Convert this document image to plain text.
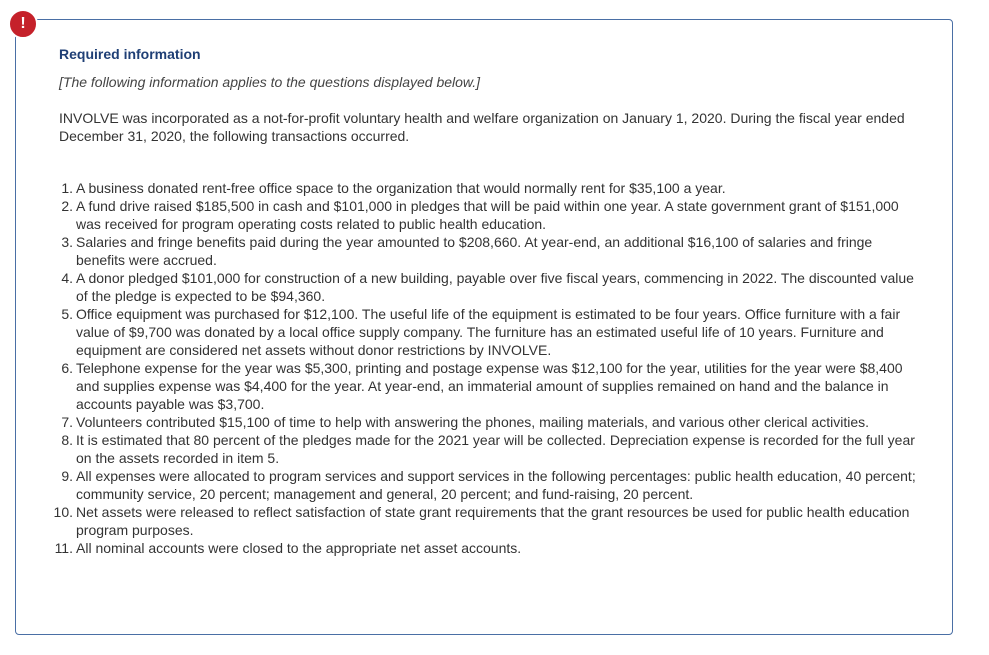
!
Required information

[The following information applies to the questions displayed below.]

INVOLVE was incorporated as a not-for-profit voluntary health and welfare organization on January 1, 2020. During the fiscal year ended December 31, 2020, the following transactions occurred.

1. A business donated rent-free office space to the organization that would normally rent for $35,100 a year.
2. A fund drive raised $185,500 in cash and $101,000 in pledges that will be paid within one year. A state government grant of $151,000 was received for program operating costs related to public health education.
3. Salaries and fringe benefits paid during the year amounted to $208,660. At year-end, an additional $16,100 of salaries and fringe benefits were accrued.
4. A donor pledged $101,000 for construction of a new building, payable over five fiscal years, commencing in 2022. The discounted value of the pledge is expected to be $94,360.
5. Office equipment was purchased for $12,100. The useful life of the equipment is estimated to be four years. Office furniture with a fair value of $9,700 was donated by a local office supply company. The furniture has an estimated useful life of 10 years. Furniture and equipment are considered net assets without donor restrictions by INVOLVE.
6. Telephone expense for the year was $5,300, printing and postage expense was $12,100 for the year, utilities for the year were $8,400 and supplies expense was $4,400 for the year. At year-end, an immaterial amount of supplies remained on hand and the balance in accounts payable was $3,700.
7. Volunteers contributed $15,100 of time to help with answering the phones, mailing materials, and various other clerical activities.
8. It is estimated that 80 percent of the pledges made for the 2021 year will be collected. Depreciation expense is recorded for the full year on the assets recorded in item 5.
9. All expenses were allocated to program services and support services in the following percentages: public health education, 40 percent; community service, 20 percent; management and general, 20 percent; and fund-raising, 20 percent.
10. Net assets were released to reflect satisfaction of state grant requirements that the grant resources be used for public health education program purposes.
11. All nominal accounts were closed to the appropriate net asset accounts.
